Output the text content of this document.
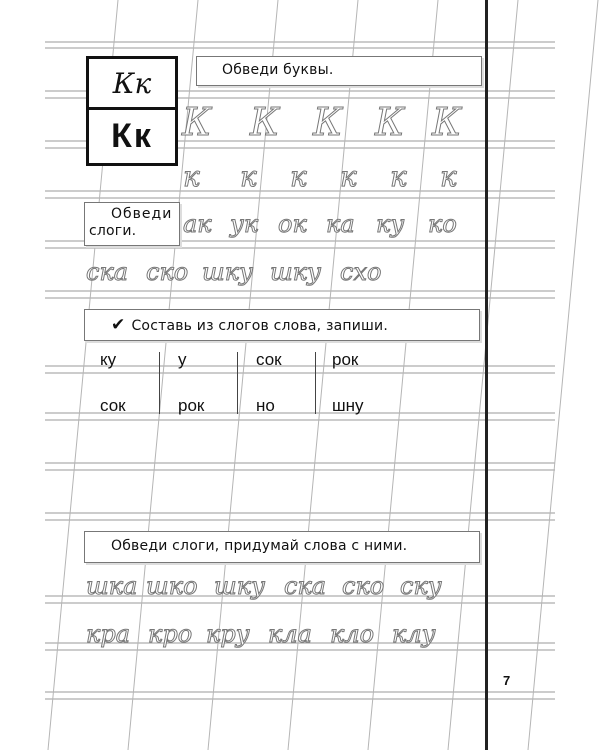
Кк
Кк
Обведи буквы.
К К К К К
к к к к к к
Обведи
слоги.	ак ук ок ка ку ко
ска ско шку шку схо
✔ Составь из слогов слова, запиши.
ку
сок
у
рок
сок
но
рок
шну
Обведи слоги, придумай слова с ними.
шка шко шку ска ско ску
кра кро кру кла кло клу
7
